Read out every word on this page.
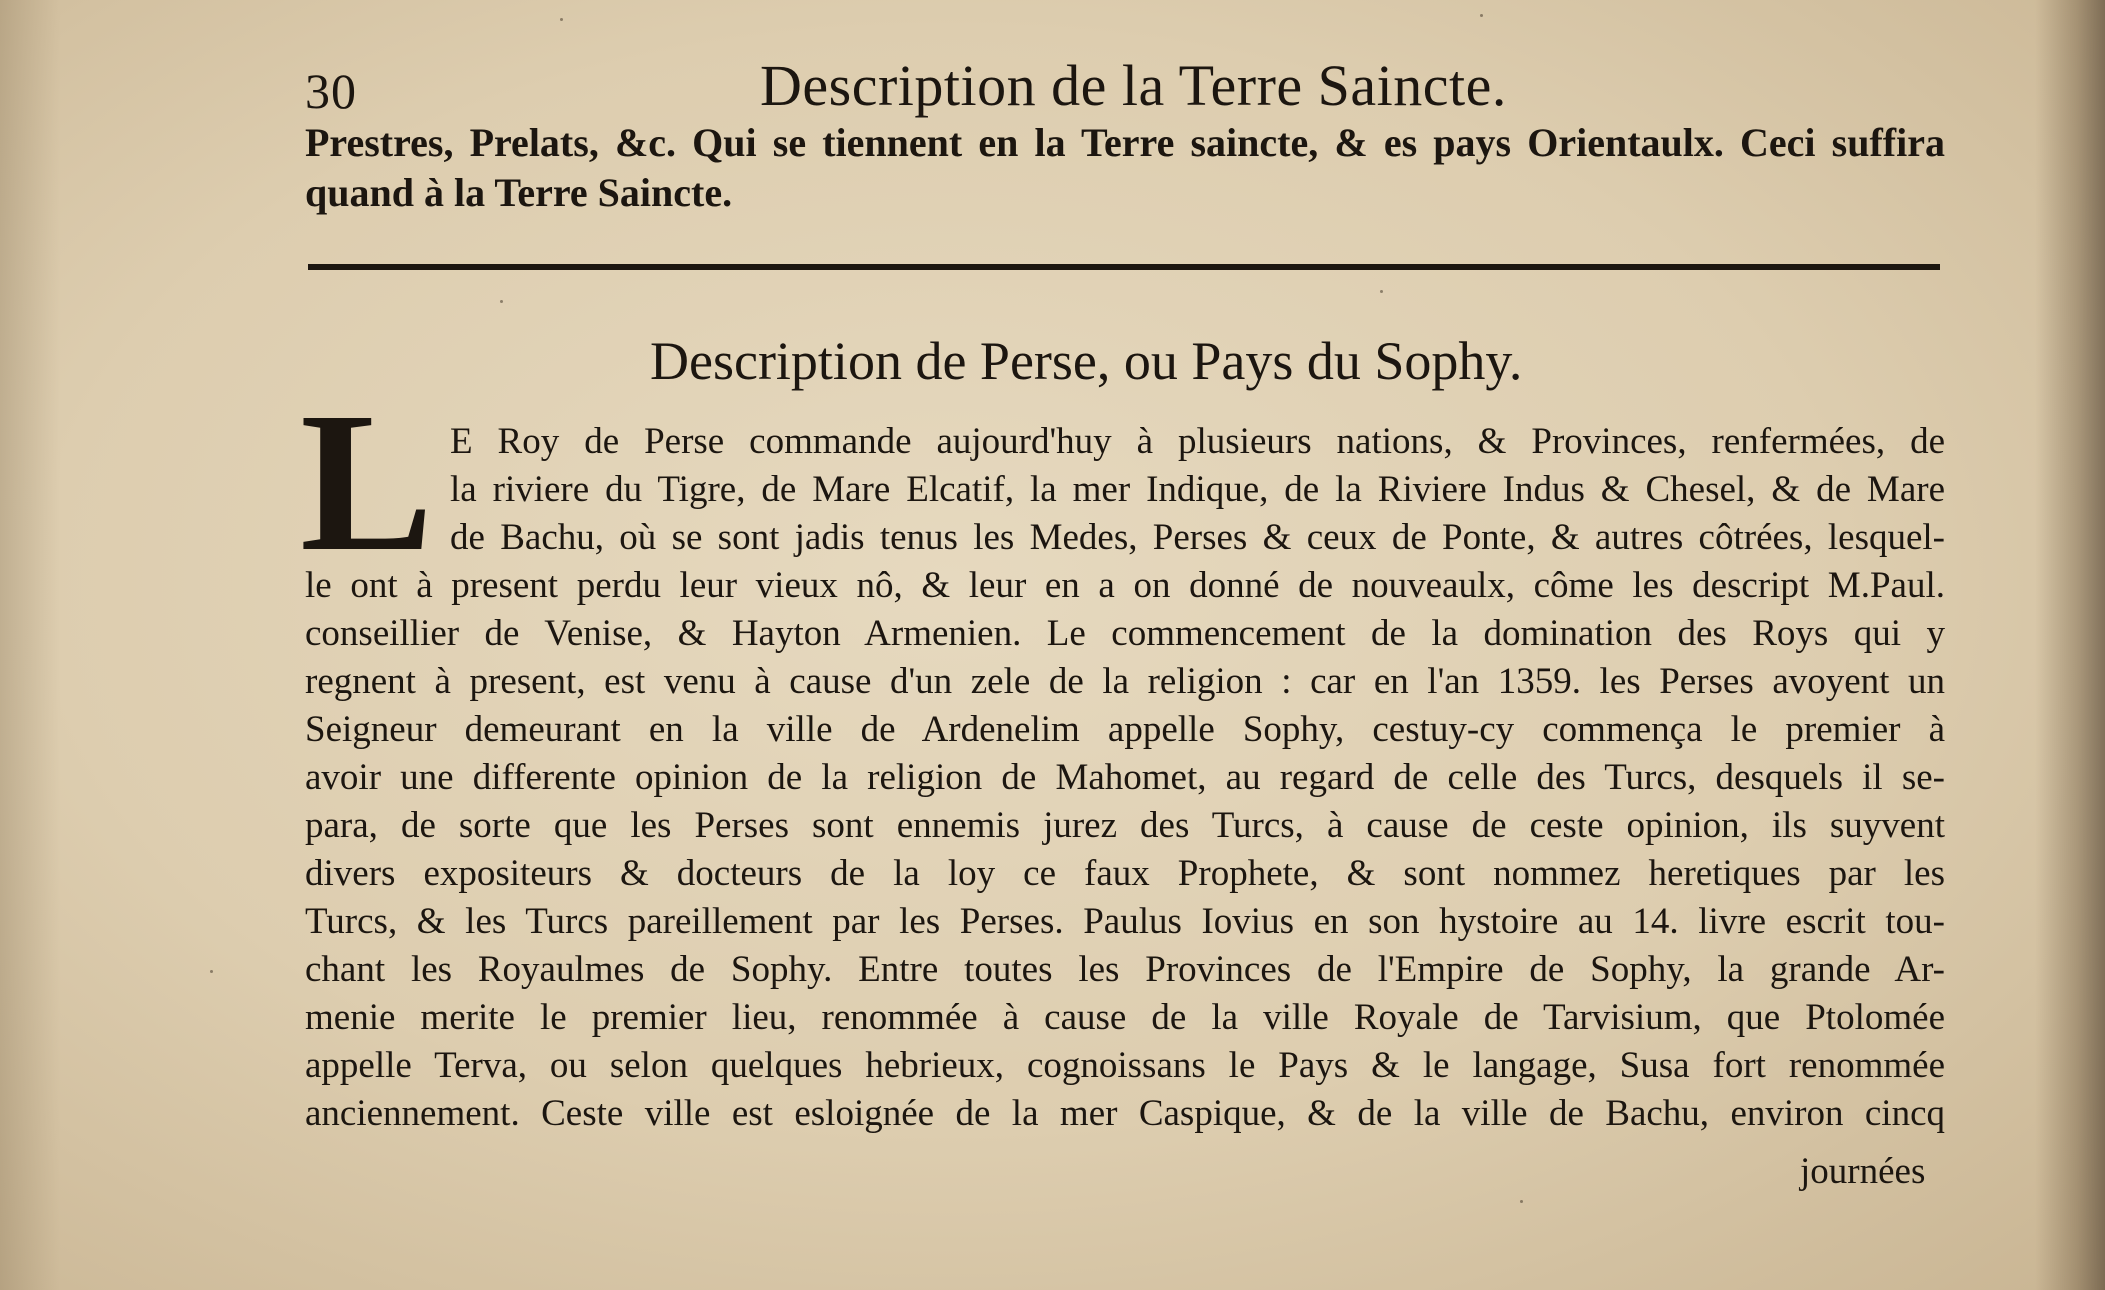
30	Description de la Terre Saincte.
Prestres, Prelats, &c. Qui se tiennent en la Terre saincte, & es pays Orientaulx. Ceci suffira quand à la Terre Saincte.
Description de Perse, ou Pays du Sophy.
L E Roy de Perse commande aujourd'huy à plusieurs nations, & Provinces, renfermées, de
la riviere du Tigre, de Mare Elcatif, la mer Indique, de la Riviere Indus & Chesel, & de Mare
de Bachu, où se sont jadis tenus les Medes, Perses & ceux de Ponte, & autres côtrées, lesquel-
le ont à present perdu leur vieux nô, & leur en a on donné de nouveaulx, côme les descript M.Paul.
conseillier de Venise, & Hayton Armenien. Le commencement de la domination des Roys qui y
regnent à present, est venu à cause d'un zele de la religion : car en l'an 1359. les Perses avoyent un
Seigneur demeurant en la ville de Ardenelim appelle Sophy, cestuy-cy commença le premier à
avoir une differente opinion de la religion de Mahomet, au regard de celle des Turcs, desquels il se-
para, de sorte que les Perses sont ennemis jurez des Turcs, à cause de ceste opinion, ils suyvent
divers expositeurs & docteurs de la loy ce faux Prophete, & sont nommez heretiques par les
Turcs, & les Turcs pareillement par les Perses. Paulus Iovius en son hystoire au 14. livre escrit tou-
chant les Royaulmes de Sophy. Entre toutes les Provinces de l'Empire de Sophy, la grande Ar-
menie merite le premier lieu, renommée à cause de la ville Royale de Tarvisium, que Ptolomée
appelle Terva, ou selon quelques hebrieux, cognoissans le Pays & le langage, Susa fort renommée
anciennement. Ceste ville est esloignée de la mer Caspique, & de la ville de Bachu, environ cincq
journées
